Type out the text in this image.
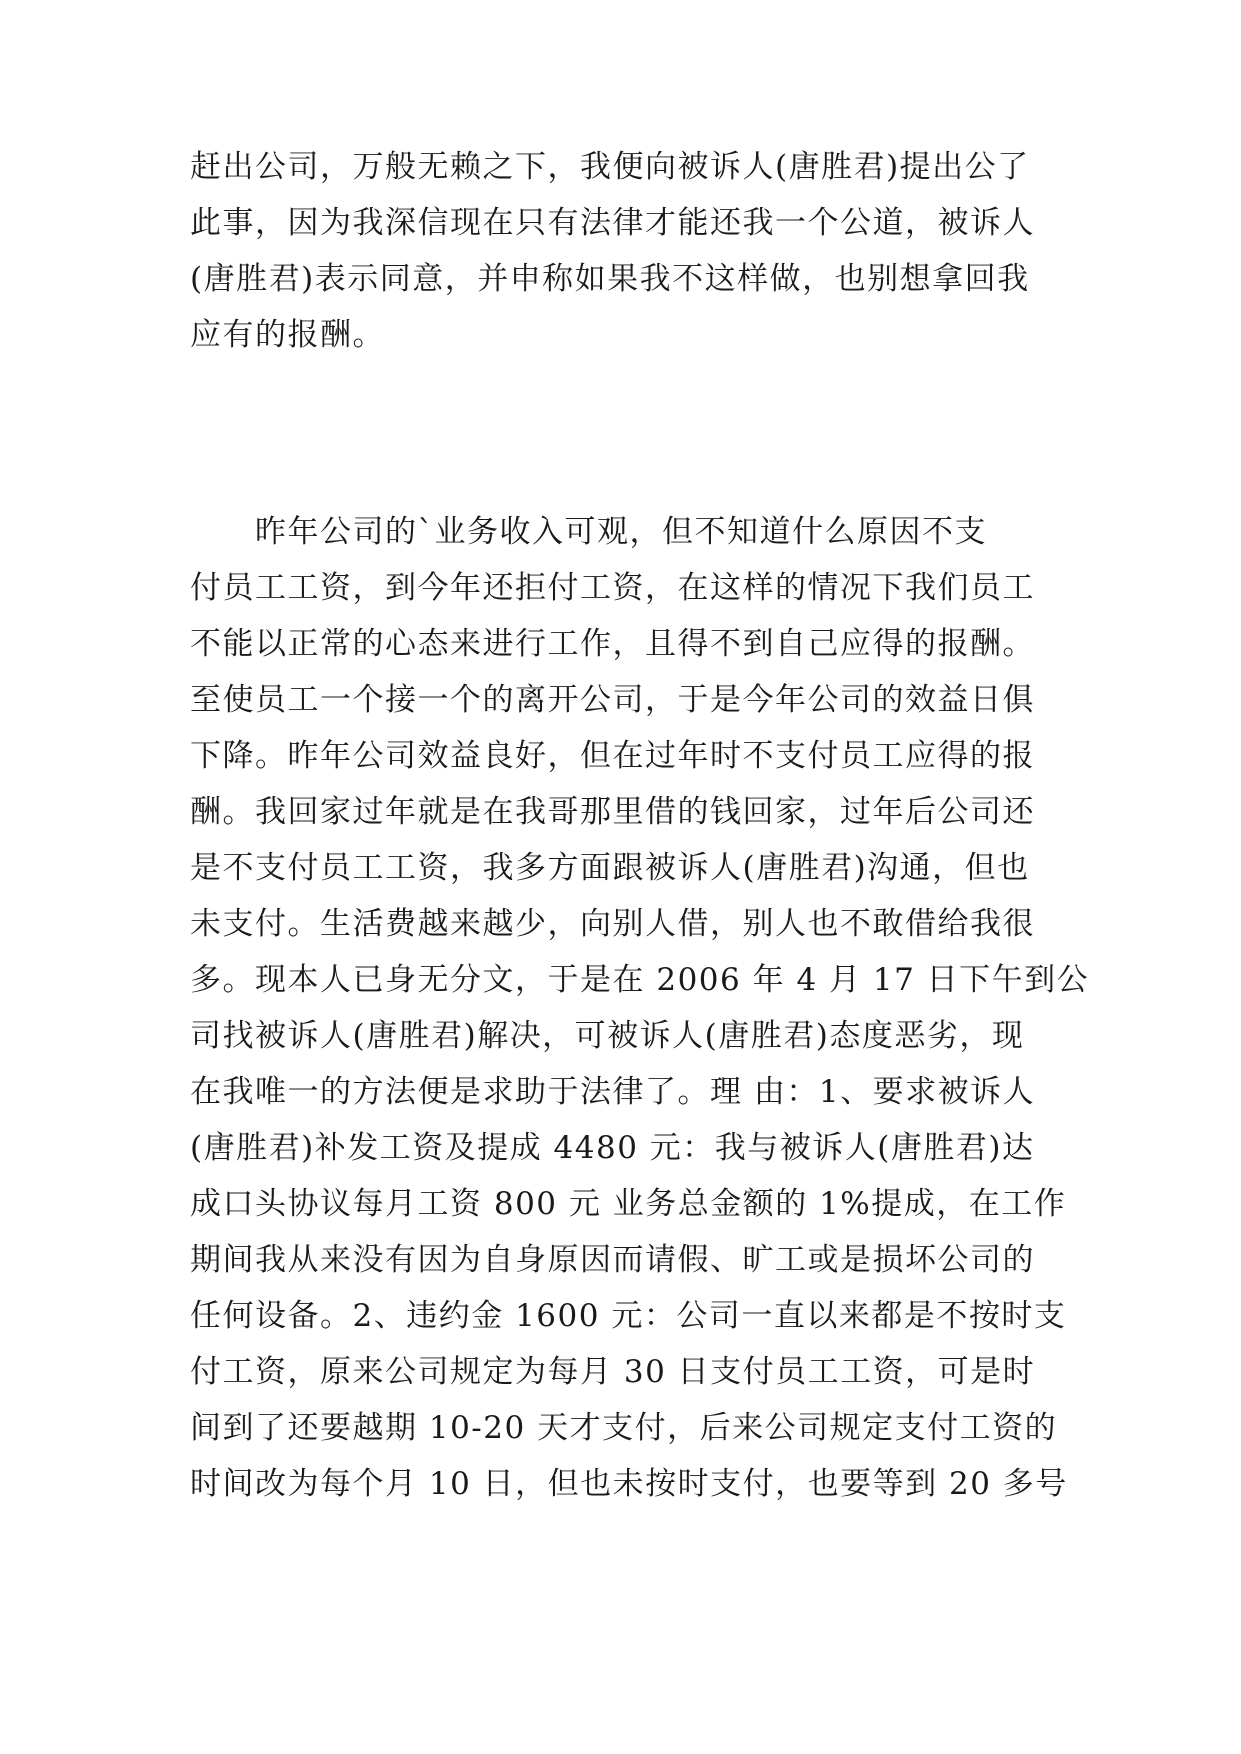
赶出公司，万般无赖之下，我便向被诉人(唐胜君)提出公了
此事，因为我深信现在只有法律才能还我一个公道，被诉人
(唐胜君)表示同意，并申称如果我不这样做，也别想拿回我
应有的报酬。
　　昨年公司的`业务收入可观，但不知道什么原因不支
付员工工资，到今年还拒付工资，在这样的情况下我们员工
不能以正常的心态来进行工作，且得不到自己应得的报酬。
至使员工一个接一个的离开公司，于是今年公司的效益日俱
下降。昨年公司效益良好，但在过年时不支付员工应得的报
酬。我回家过年就是在我哥那里借的钱回家，过年后公司还
是不支付员工工资，我多方面跟被诉人(唐胜君)沟通，但也
未支付。生活费越来越少，向别人借，别人也不敢借给我很
多。现本人已身无分文，于是在 2006 年 4 月 17 日下午到公
司找被诉人(唐胜君)解决，可被诉人(唐胜君)态度恶劣，现
在我唯一的方法便是求助于法律了。理 由：1、要求被诉人
(唐胜君)补发工资及提成 4480 元：我与被诉人(唐胜君)达
成口头协议每月工资 800 元 业务总金额的 1%提成，在工作
期间我从来没有因为自身原因而请假、旷工或是损坏公司的
任何设备。2、违约金 1600 元：公司一直以来都是不按时支
付工资，原来公司规定为每月 30 日支付员工工资，可是时
间到了还要越期 10-20 天才支付，后来公司规定支付工资的
时间改为每个月 10 日，但也未按时支付，也要等到 20 多号
